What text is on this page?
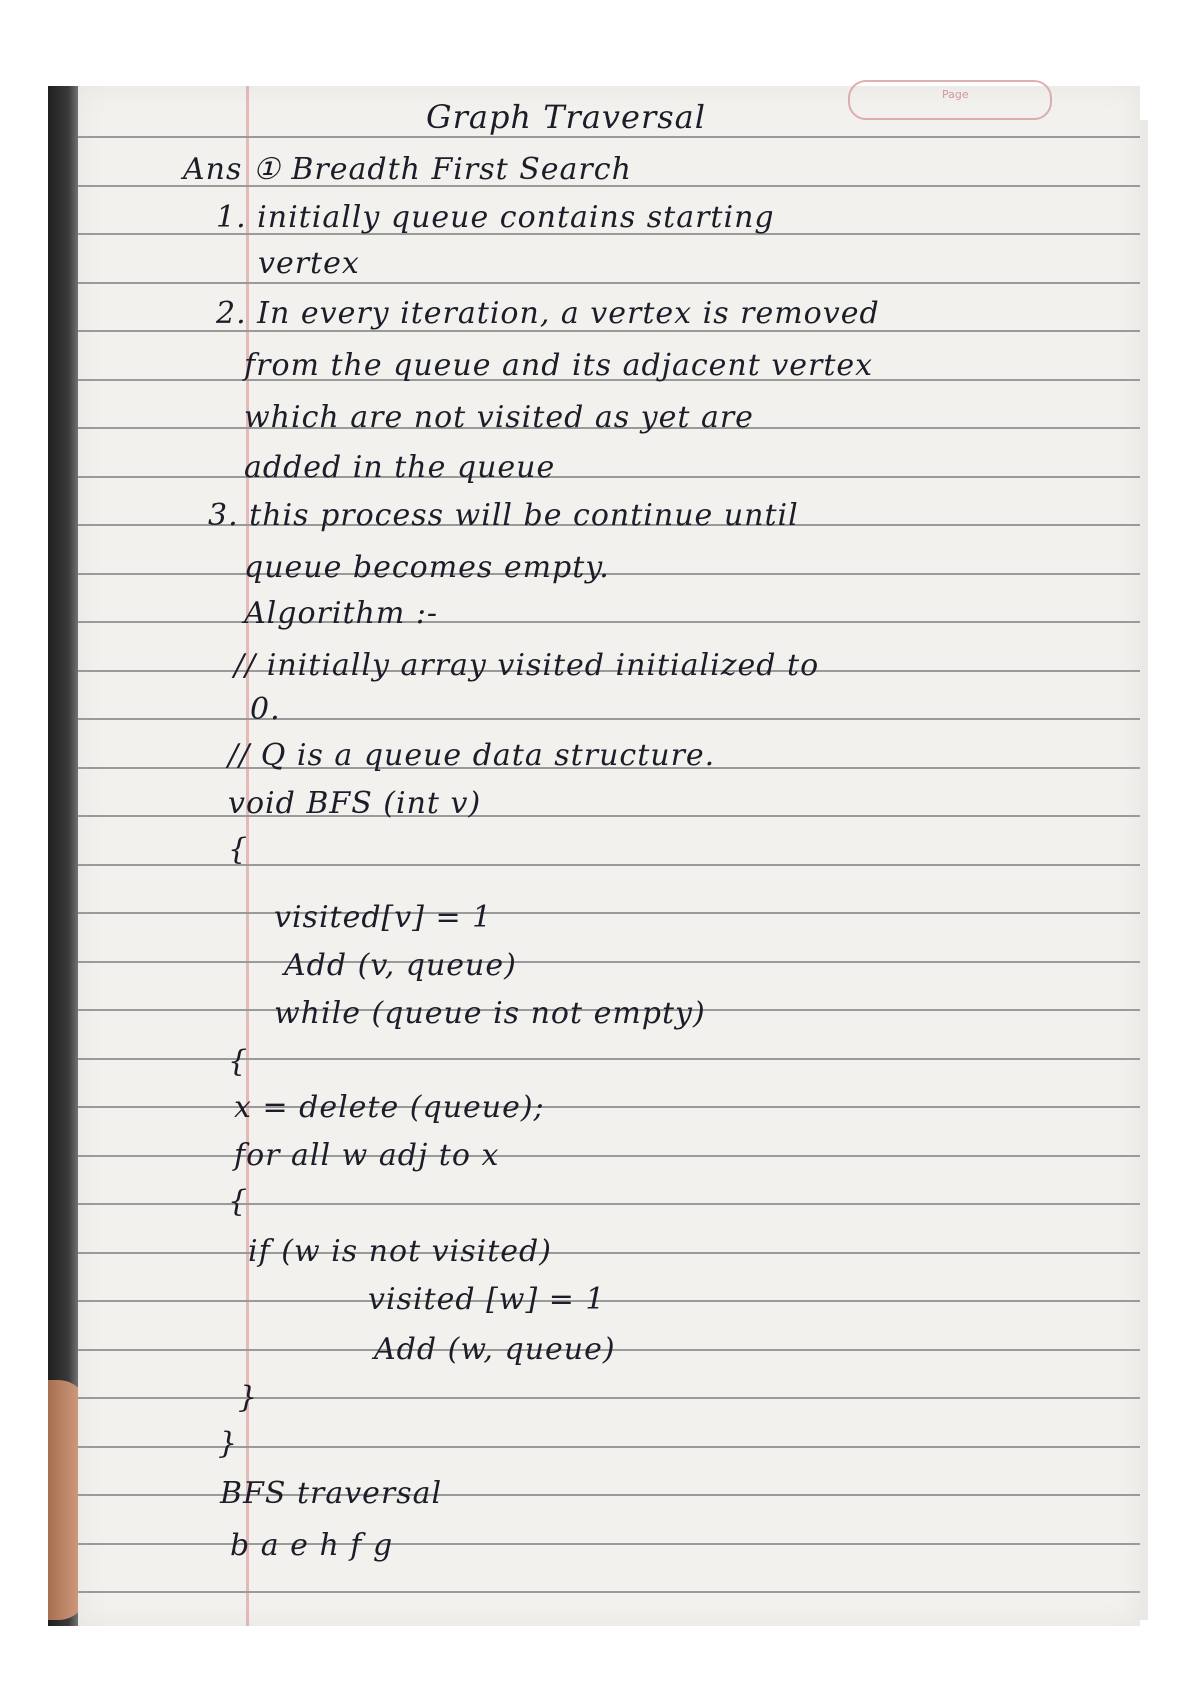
Page
Graph Traversal
Ans ① Breadth First Search
1. initially queue contains starting
vertex
2. In every iteration, a vertex is removed
from the queue and its adjacent vertex
which are not visited as yet are
added in the queue
3. this process will be continue until
queue becomes empty.
Algorithm :-
// initially array visited initialized to
0.
// Q is a queue data structure.
void BFS (int v)
{
visited[v] = 1
Add (v, queue)
while (queue is not empty)
{
x = delete (queue);
for all w adj to x
{
if (w is not visited)
visited [w] = 1
Add (w, queue)
}
}
BFS traversal
b a e h f g
